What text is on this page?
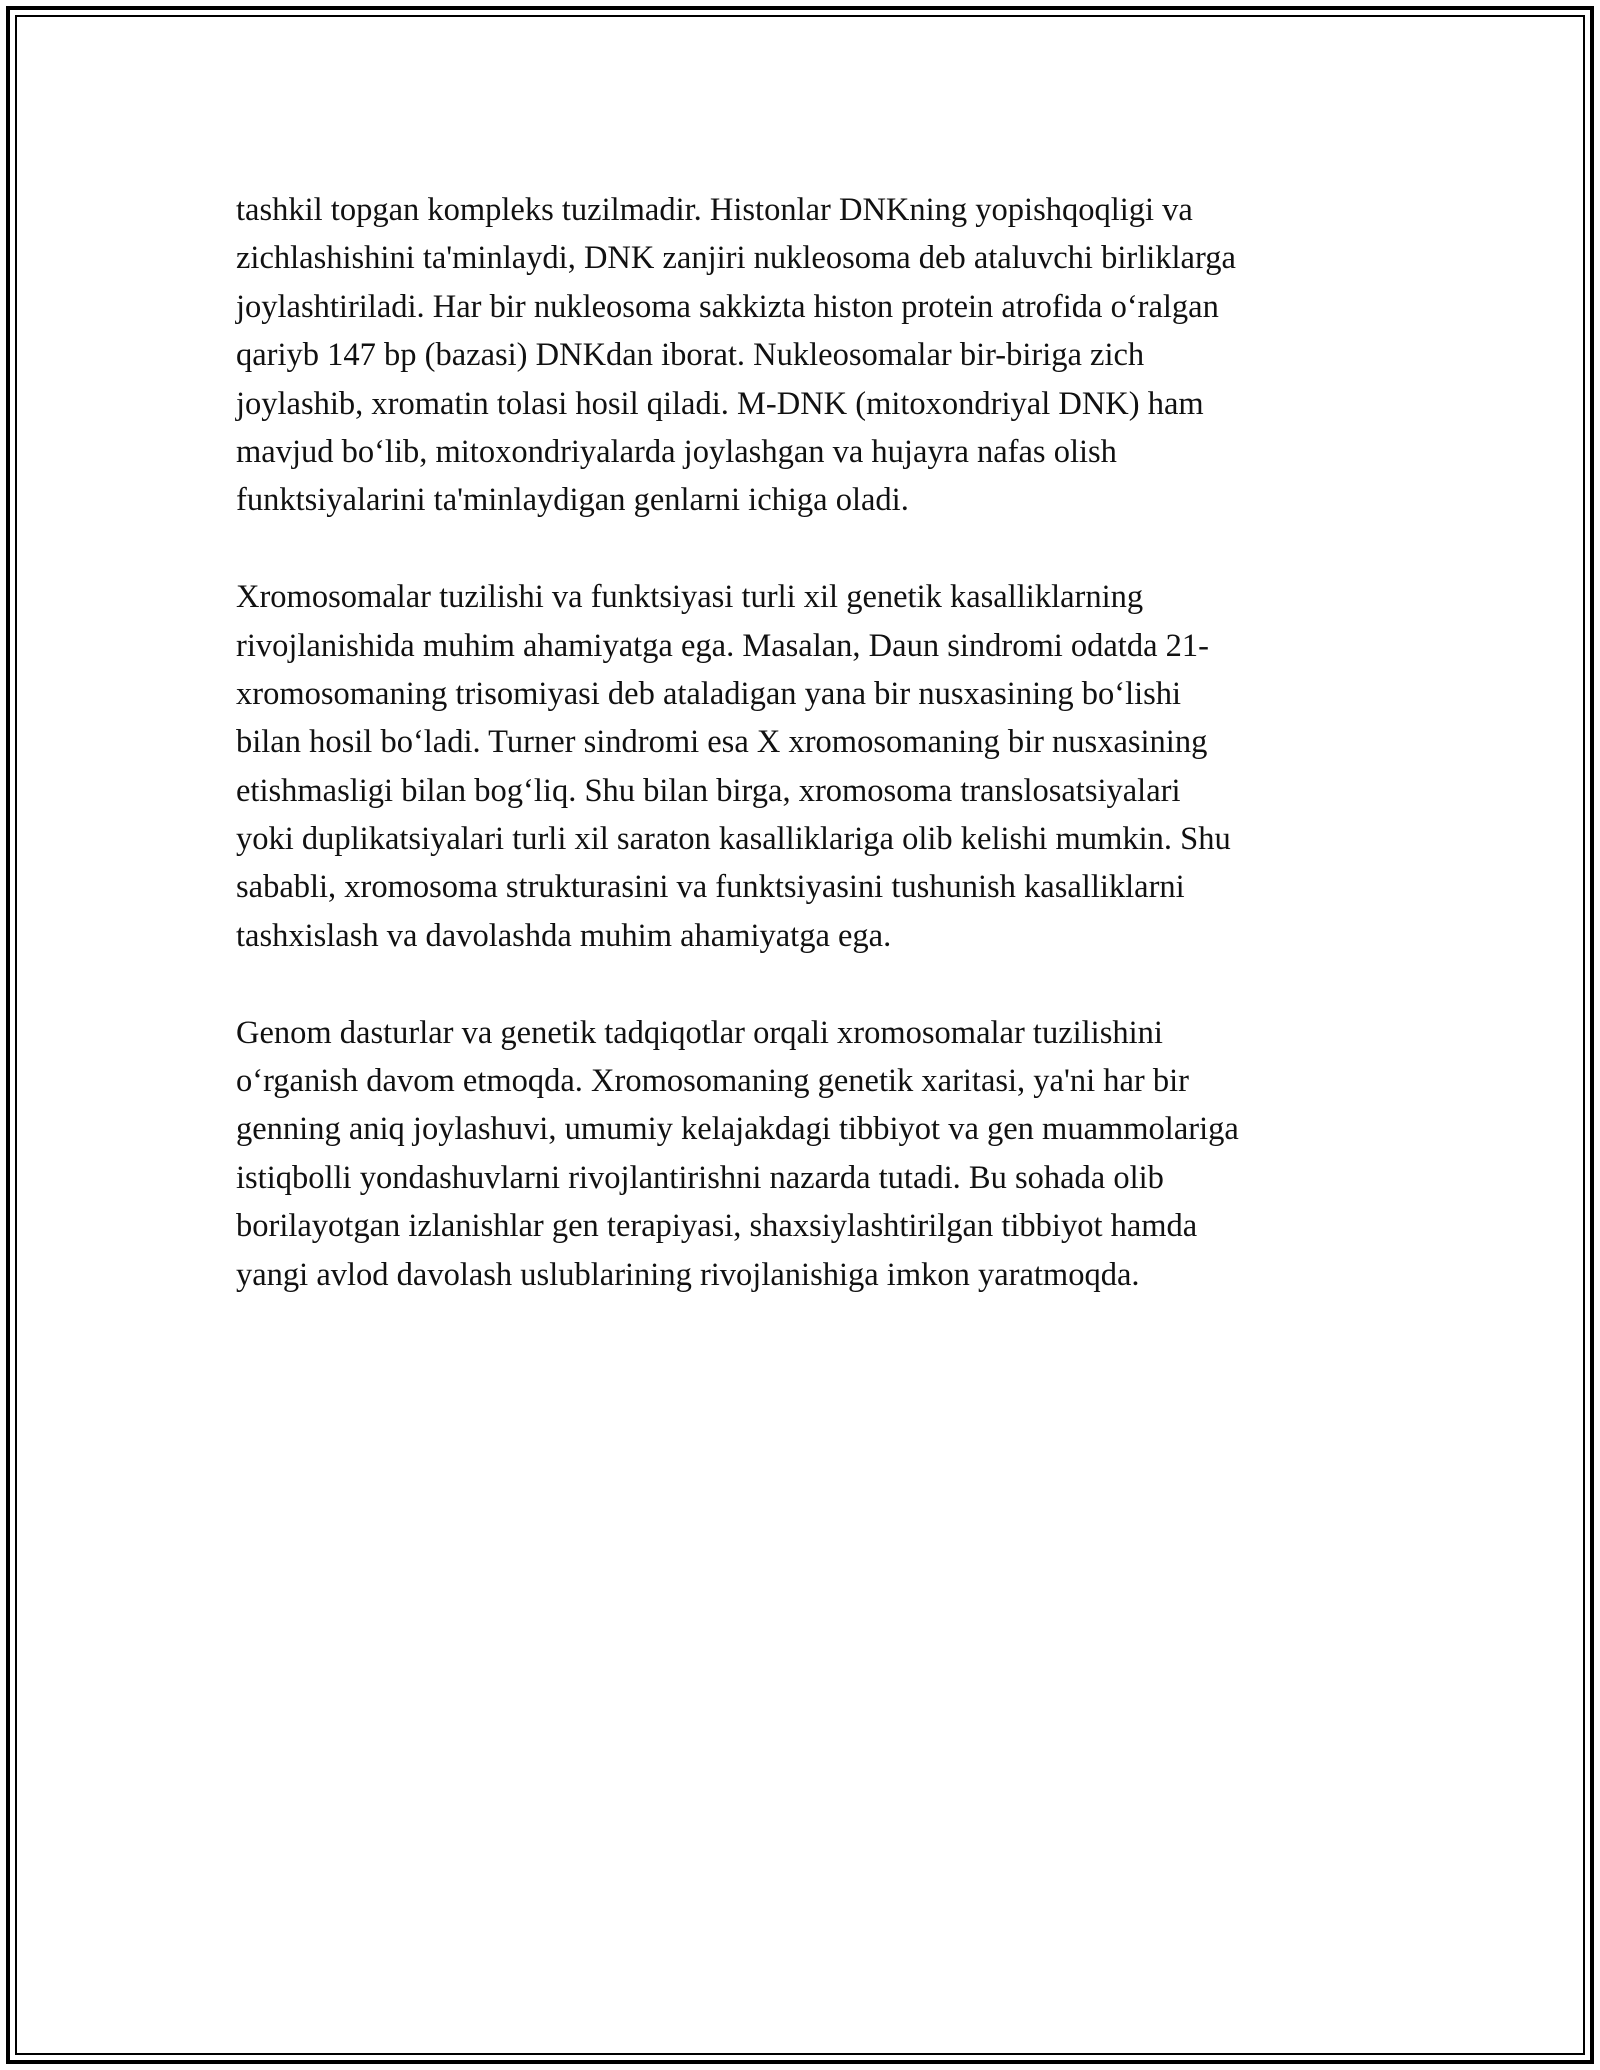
tashkil topgan kompleks tuzilmadir. Histonlar DNKning yopishqoqligi va
zichlashishini ta'minlaydi, DNK zanjiri nukleosoma deb ataluvchi birliklarga
joylashtiriladi. Har bir nukleosoma sakkizta histon protein atrofida o‘ralgan
qariyb 147 bp (bazasi) DNKdan iborat. Nukleosomalar bir-biriga zich
joylashib, xromatin tolasi hosil qiladi. M-DNK (mitoxondriyal DNK) ham
mavjud bo‘lib, mitoxondriyalarda joylashgan va hujayra nafas olish
funktsiyalarini ta'minlaydigan genlarni ichiga oladi.

Xromosomalar tuzilishi va funktsiyasi turli xil genetik kasalliklarning
rivojlanishida muhim ahamiyatga ega. Masalan, Daun sindromi odatda 21-
xromosomaning trisomiyasi deb ataladigan yana bir nusxasining bo‘lishi
bilan hosil bo‘ladi. Turner sindromi esa X xromosomaning bir nusxasining
etishmasligi bilan bog‘liq. Shu bilan birga, xromosoma translosatsiyalari
yoki duplikatsiyalari turli xil saraton kasalliklariga olib kelishi mumkin. Shu
sababli, xromosoma strukturasini va funktsiyasini tushunish kasalliklarni
tashxislash va davolashda muhim ahamiyatga ega.

Genom dasturlar va genetik tadqiqotlar orqali xromosomalar tuzilishini
o‘rganish davom etmoqda. Xromosomaning genetik xaritasi, ya'ni har bir
genning aniq joylashuvi, umumiy kelajakdagi tibbiyot va gen muammolariga
istiqbolli yondashuvlarni rivojlantirishni nazarda tutadi. Bu sohada olib
borilayotgan izlanishlar gen terapiyasi, shaxsiylashtirilgan tibbiyot hamda
yangi avlod davolash uslublarining rivojlanishiga imkon yaratmoqda.
